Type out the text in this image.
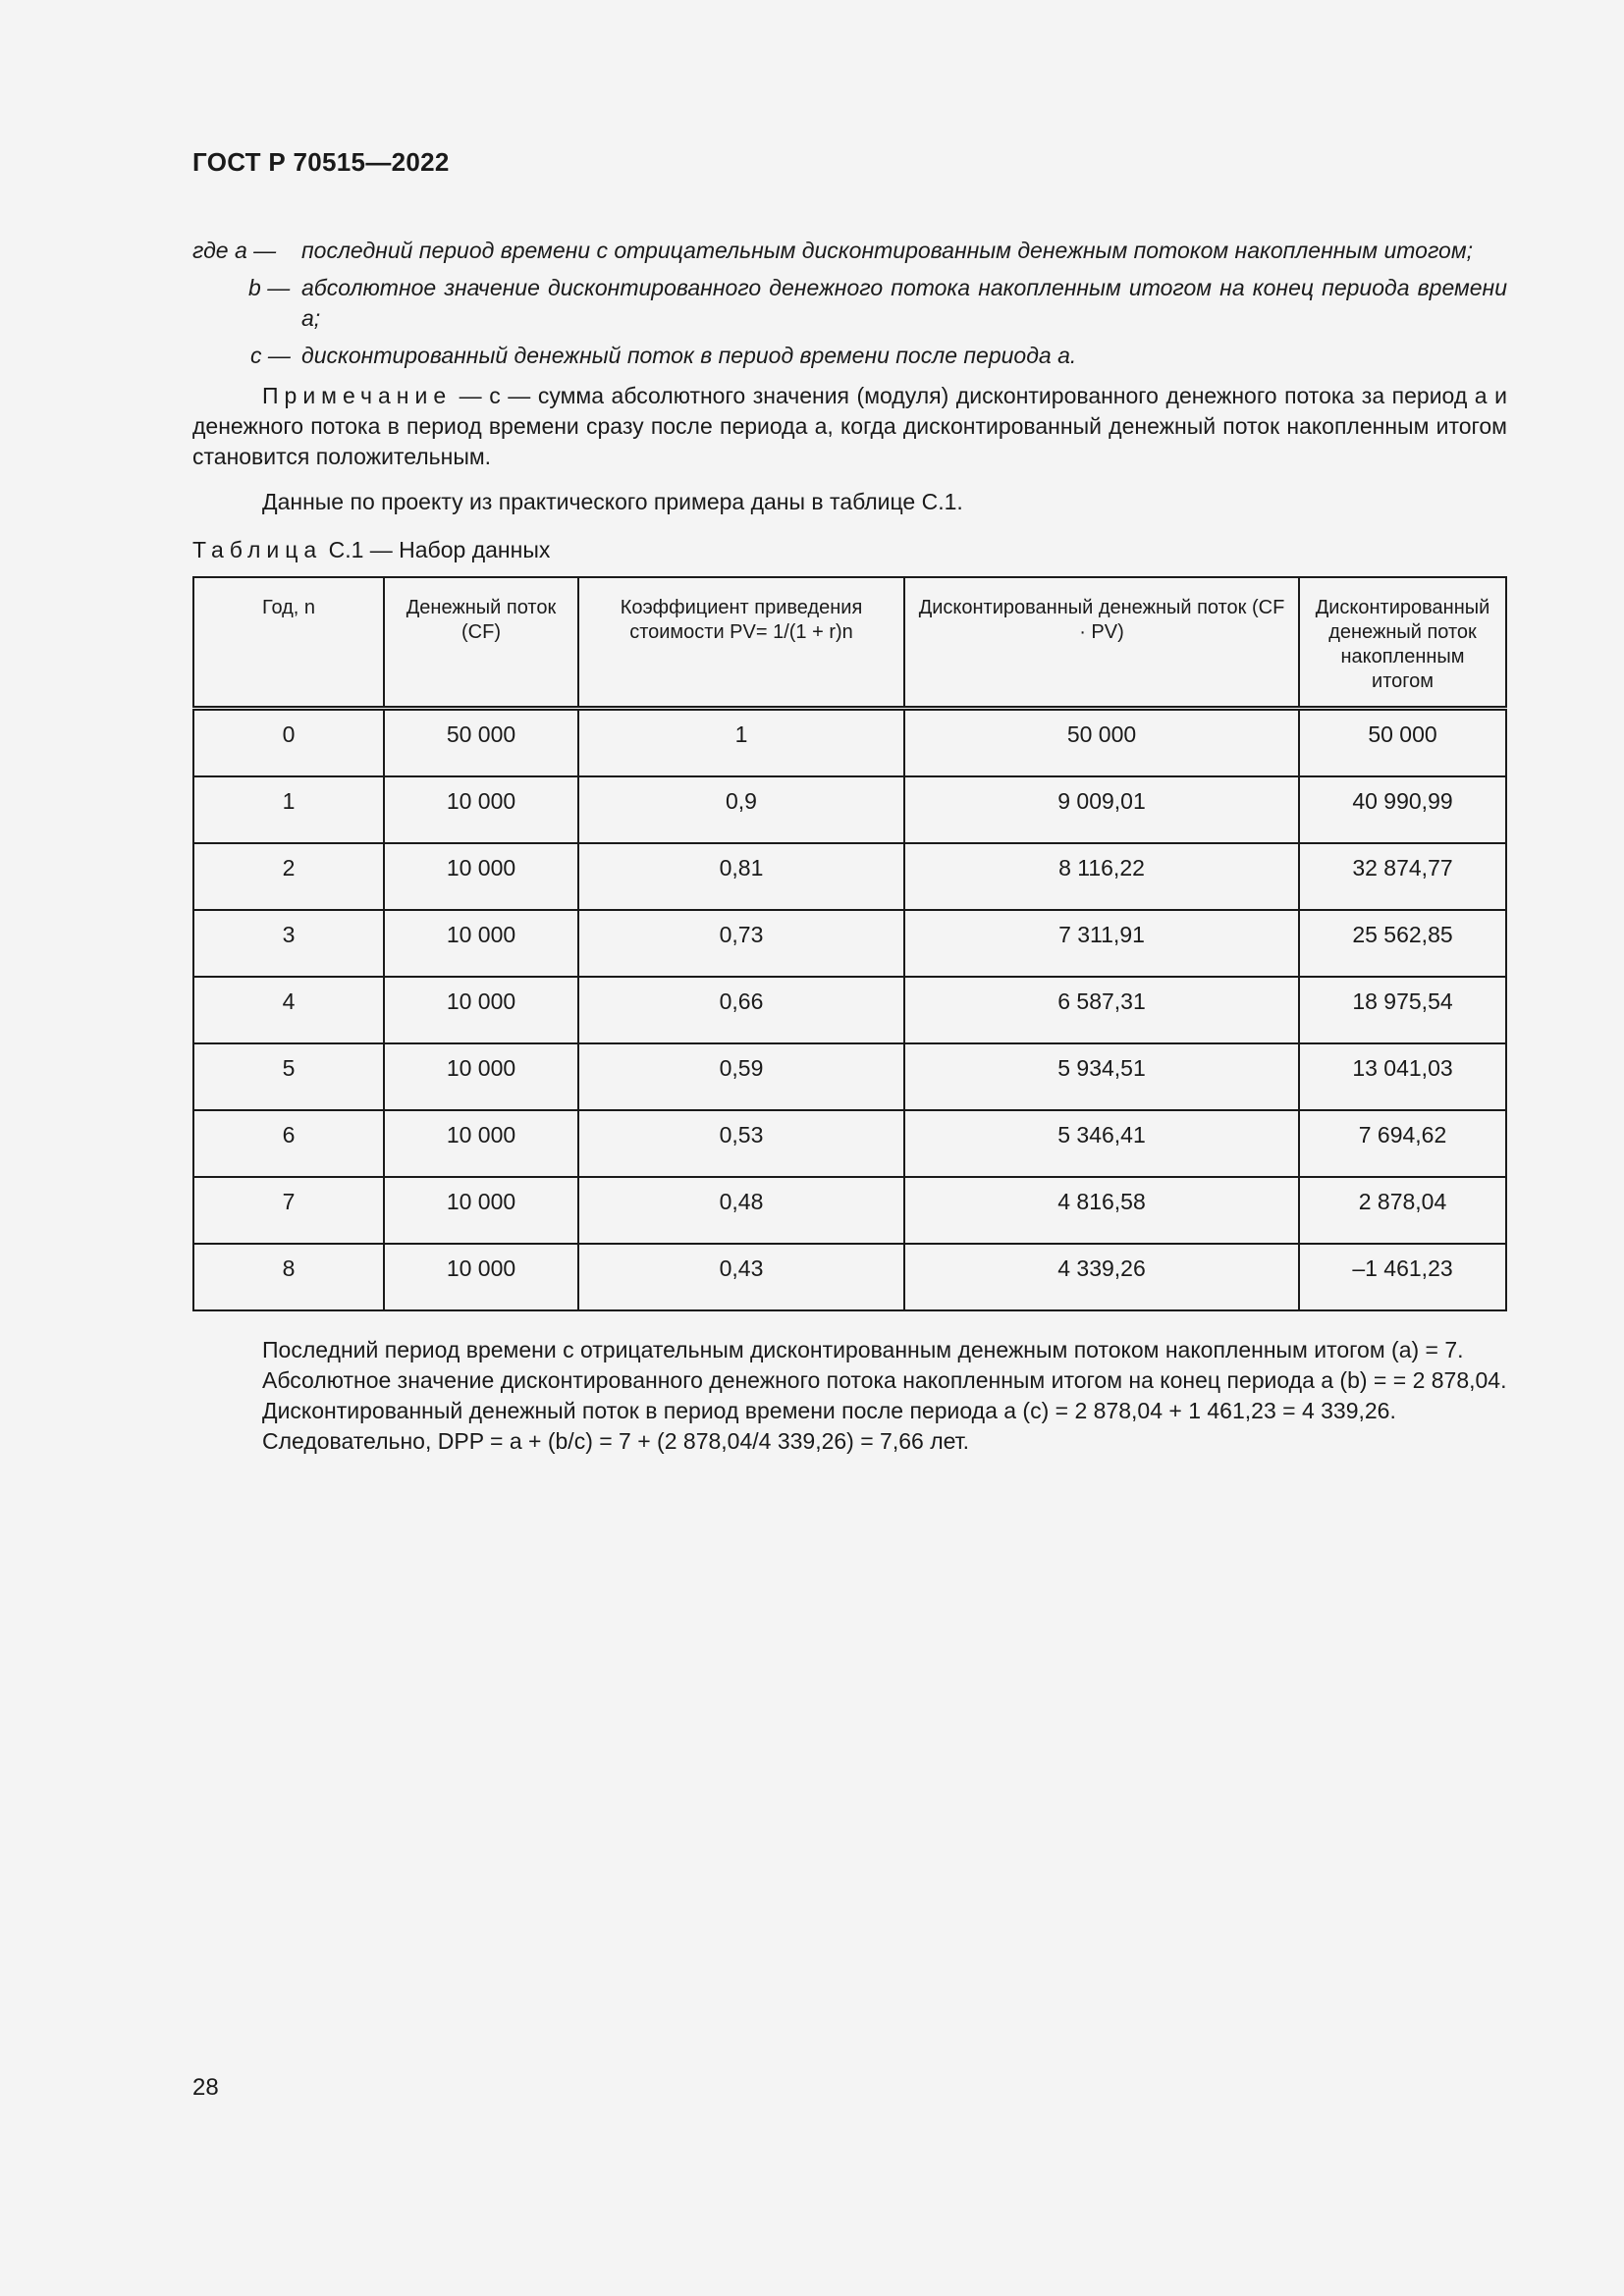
ГОСТ Р 70515—2022
где a — последний период времени с отрицательным дисконтированным денежным потоком накопленным итогом;
b — абсолютное значение дисконтированного денежного потока накопленным итогом на конец периода времени a;
c — дисконтированный денежный поток в период времени после периода a.
Примечание — c — сумма абсолютного значения (модуля) дисконтированного денежного потока за период a и денежного потока в период времени сразу после периода a, когда дисконтированный денежный поток накопленным итогом становится положительным.
Данные по проекту из практического примера даны в таблице С.1.
Таблица С.1 — Набор данных
Год, n	Денежный поток (CF)	Коэффициент приведения стоимости PV= 1/(1 + r)n	Дисконтированный денежный поток (CF · PV)	Дисконтированный денежный поток накопленным итогом
0	50 000	1	50 000	50 000
1	10 000	0,9	9 009,01	40 990,99
2	10 000	0,81	8 116,22	32 874,77
3	10 000	0,73	7 311,91	25 562,85
4	10 000	0,66	6 587,31	18 975,54
5	10 000	0,59	5 934,51	13 041,03
6	10 000	0,53	5 346,41	7 694,62
7	10 000	0,48	4 816,58	2 878,04
8	10 000	0,43	4 339,26	–1 461,23

Последний период времени с отрицательным дисконтированным денежным потоком накопленным итогом (a) = 7.

Абсолютное значение дисконтированного денежного потока накопленным итогом на конец периода a (b) = = 2 878,04.

Дисконтированный денежный поток в период времени после периода a (c) = 2 878,04 + 1 461,23 = 4 339,26.

Следовательно, DPP = a + (b/c) = 7 + (2 878,04/4 339,26) = 7,66 лет.

28
